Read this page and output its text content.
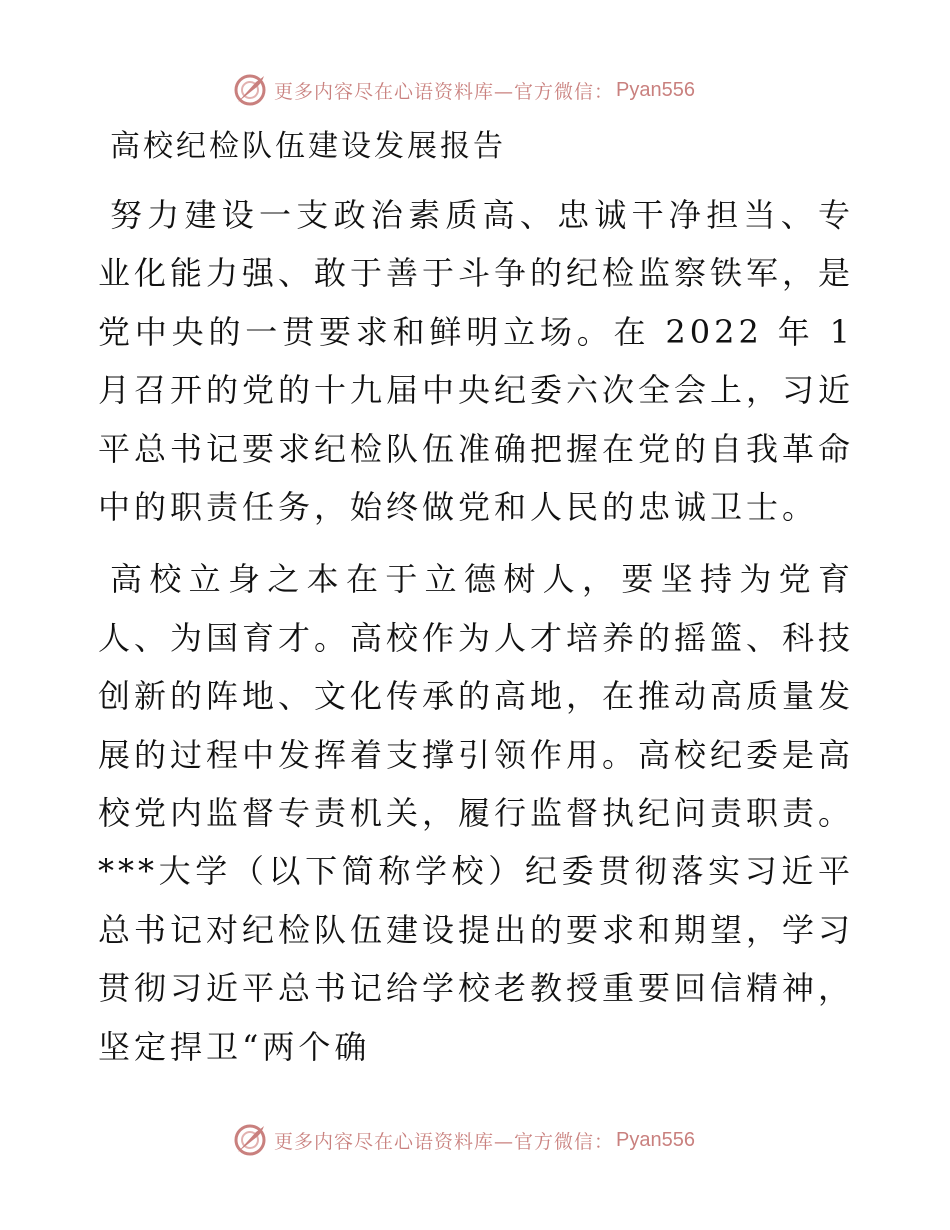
更多内容尽在心语资料库—官方微信： Pyan556
高校纪检队伍建设发展报告

努力建设一支政治素质高、忠诚干净担当、专业化能力强、敢于善于斗争的纪检监察铁军，是党中央的一贯要求和鲜明立场。在 2022 年 1 月召开的党的十九届中央纪委六次全会上，习近平总书记要求纪检队伍准确把握在党的自我革命中的职责任务，始终做党和人民的忠诚卫士。

高校立身之本在于立德树人，要坚持为党育人、为国育才。高校作为人才培养的摇篮、科技创新的阵地、文化传承的高地，在推动高质量发展的过程中发挥着支撑引领作用。高校纪委是高校党内监督专责机关，履行监督执纪问责职责。***大学（以下简称学校）纪委贯彻落实习近平总书记对纪检队伍建设提出的要求和期望，学习贯彻习近平总书记给学校老教授重要回信精神，坚定捍卫“两个确

更多内容尽在心语资料库—官方微信： Pyan556
